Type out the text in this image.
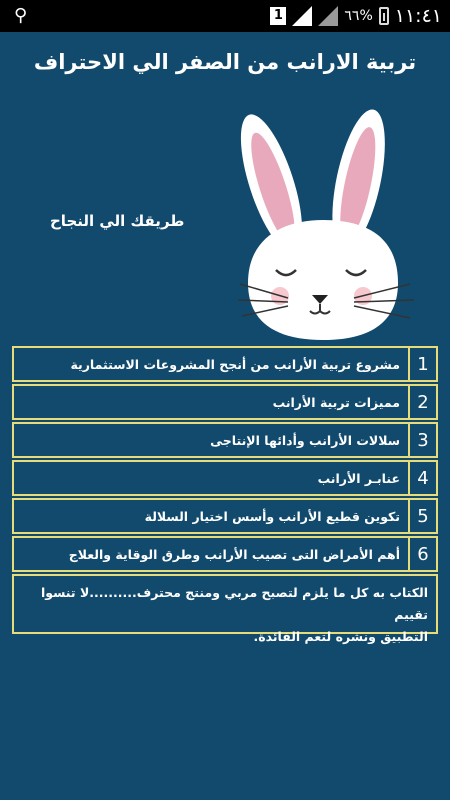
⚲	1	٦٦% ١١:٤١
تربية الارانب من الصفر الي الاحتراف
طريقك الي النجاح
1
مشروع تربية الأرانب من أنجح المشروعات الاستثمارية
2
مميزات تربية الأرانب
3
سلالات الأرانب وأدائها الإنتاجى
4
عنابـر الأرانب
5
تكوين قطيع الأرانب وأسس اختيار السلالة
6
أهم الأمراض التى تصيب الأرانب وطرق الوقاية والعلاج
الكتاب به كل ما يلزم لتصبح مربي ومنتج محترف..........لا تنسوا تقييم
التطبيق ونشره لتعم الفائدة.
